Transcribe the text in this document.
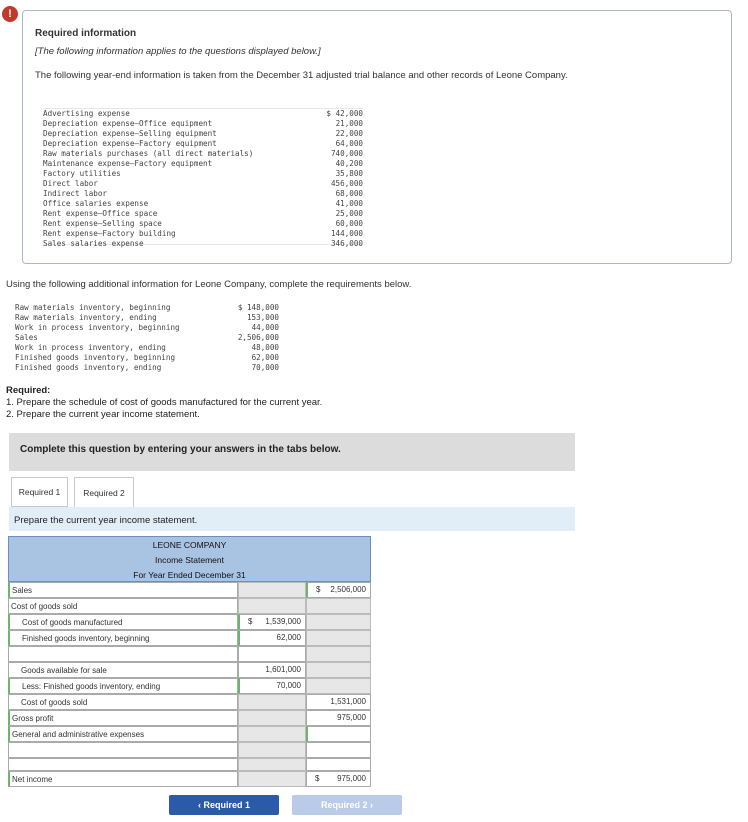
!
Required information
[The following information applies to the questions displayed below.]
The following year-end information is taken from the December 31 adjusted trial balance and other records of Leone Company.
Advertising expense	$ 42,000
Depreciation expense—Office equipment	21,000
Depreciation expense—Selling equipment	22,000
Depreciation expense—Factory equipment	64,000
Raw materials purchases (all direct materials)	740,000
Maintenance expense—Factory equipment	40,200
Factory utilities	35,800
Direct labor	456,000
Indirect labor	68,000
Office salaries expense	41,000
Rent expense—Office space	25,000
Rent expense—Selling space	60,000
Rent expense—Factory building	144,000
Sales salaries expense	346,000
Using the following additional information for Leone Company, complete the requirements below.
Raw materials inventory, beginning	$ 148,000
Raw materials inventory, ending	153,000
Work in process inventory, beginning	44,000
Sales	2,506,000
Work in process inventory, ending	48,000
Finished goods inventory, beginning	62,000
Finished goods inventory, ending	70,000
Required:
1. Prepare the schedule of cost of goods manufactured for the current year.
2. Prepare the current year income statement.
Complete this question by entering your answers in the tabs below.
Required 1	Required 2
Prepare the current year income statement.
LEONE COMPANY
Income Statement
For Year Ended December 31
Sales	$ 2,506,000
Cost of goods sold
Cost of goods manufactured	$ 1,539,000
Finished goods inventory, beginning	62,000
Goods available for sale	1,601,000
Less: Finished goods inventory, ending	70,000
Cost of goods sold	1,531,000
Gross profit	975,000
General and administrative expenses
Net income	$ 975,000
‹ Required 1	Required 2 ›
